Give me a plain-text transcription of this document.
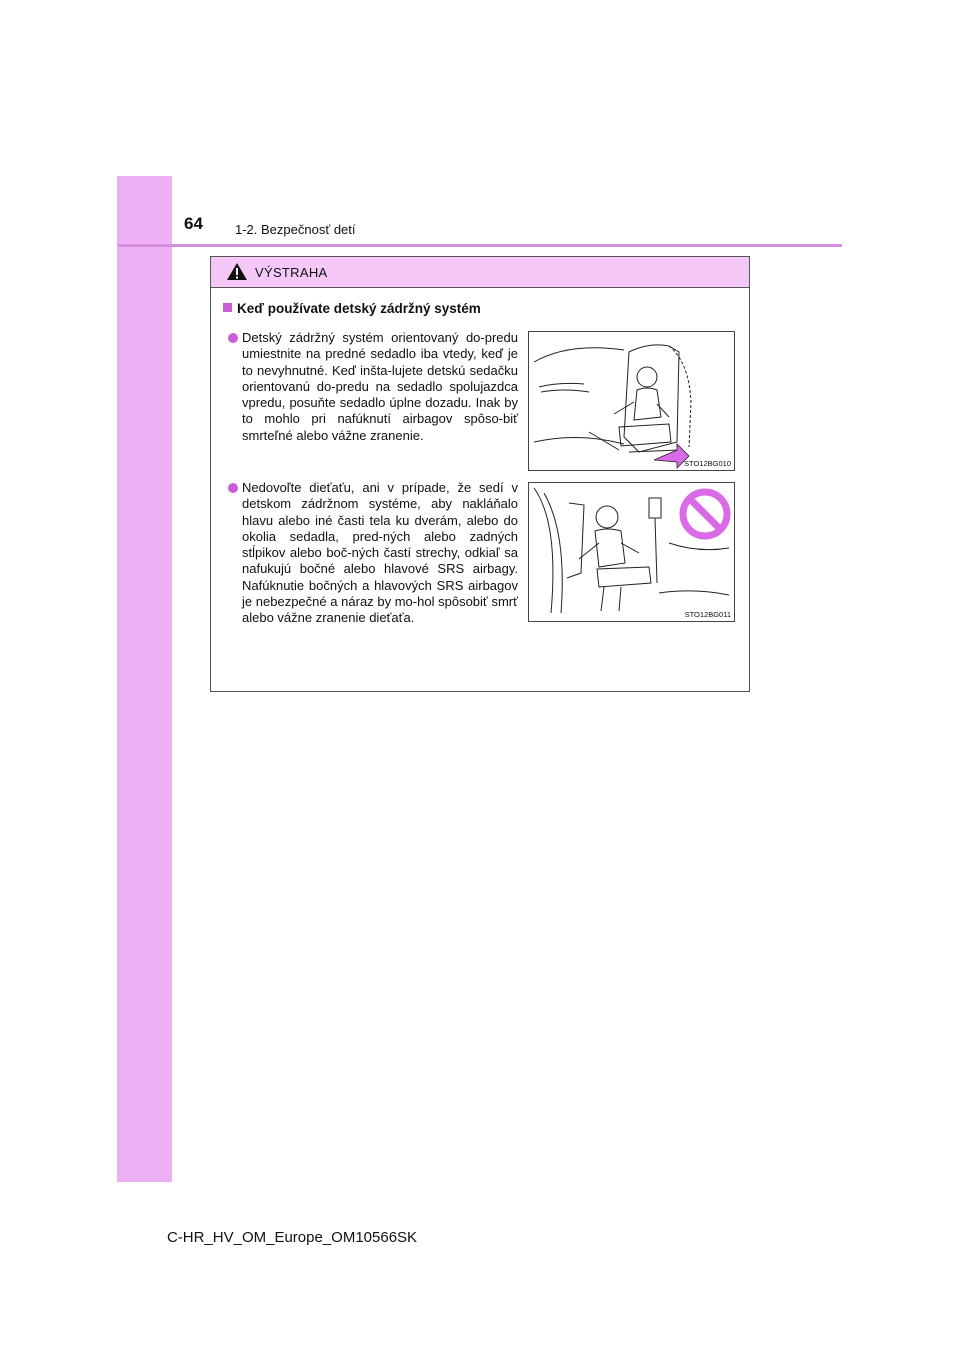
64 1-2. Bezpečnosť detí
VÝSTRAHA
Keď používate detský zádržný systém
Detský zádržný systém orientovaný do-predu umiestnite na predné sedadlo iba vtedy, keď je to nevyhnutné. Keď inšta-lujete detskú sedačku orientovanú do-predu na sedadlo spolujazdca vpredu, posuňte sedadlo úplne dozadu. Inak by to mohlo pri nafúknutí airbagov spôso-biť smrteľné alebo vážne zranenie.
STO12BG010
Nedovoľte dieťaťu, ani v prípade, že sedí v detskom zádržnom systéme, aby nakláňalo hlavu alebo iné časti tela ku dverám, alebo do okolia sedadla, pred-ných alebo zadných stĺpikov alebo boč-ných častí strechy, odkiaľ sa nafukujú bočné alebo hlavové SRS airbagy. Nafúknutie bočných a hlavových SRS airbagov je nebezpečné a náraz by mo-hol spôsobiť smrť alebo vážne zranenie dieťaťa.	STO12BG011
C-HR_HV_OM_Europe_OM10566SK
